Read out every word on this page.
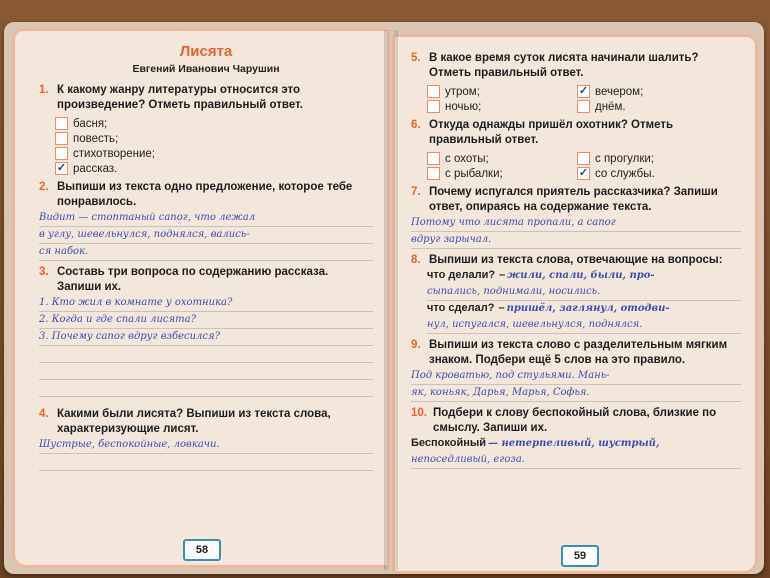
Лисята
Евгений Иванович Чарушин
1. К какому жанру литературы относится это произведение? Отметь правильный ответ.
басня;
повесть;
стихотворение;
✓ рассказ.
2. Выпиши из текста одно предложение, которое тебе понравилось.
Видит — стоптаный сапог, что лежал
в углу, шевельнулся, поднялся, вались-
ся набок.
3. Составь три вопроса по содержанию рассказа. Запиши их.
1. Кто жил в комнате у охотника?
2. Когда и где спали лисята?
3. Почему сапог вдруг взбесился?
4. Какими были лисята? Выпиши из текста слова, характеризующие лисят.
Шустрые, беспокойные, ловкачи.
58
5. В какое время суток лисята начинали шалить? Отметь правильный ответ.
утром;
ночью;
✓ вечером;
днём.
6. Откуда однажды пришёл охотник? Отметь правильный ответ.
с охоты;
с рыбалки;
с прогулки;
✓ со службы.
7. Почему испугался приятель рассказчика? Запиши ответ, опираясь на содержание текста.
Потому что лисята пропали, а сапог
вдруг зарычал.
8. Выпиши из текста слова, отвечающие на вопросы:
что делали? – жили, спали, были, про-
сыпались, поднимали, носились.
что сделал? – пришёл, заглянул, отодви-
нул, испугался, шевельнулся, поднялся.
9. Выпиши из текста слово с разделительным мягким знаком. Подбери ещё 5 слов на это правило.
Под кроватью, под стульями. Мань-
як, коньяк, Дарья, Марья, Софья.
10. Подбери к слову беспокойный слова, близкие по смыслу. Запиши их.
Беспокойный — нетерпеливый, шустрый,
непоседливый, егоза.
59
